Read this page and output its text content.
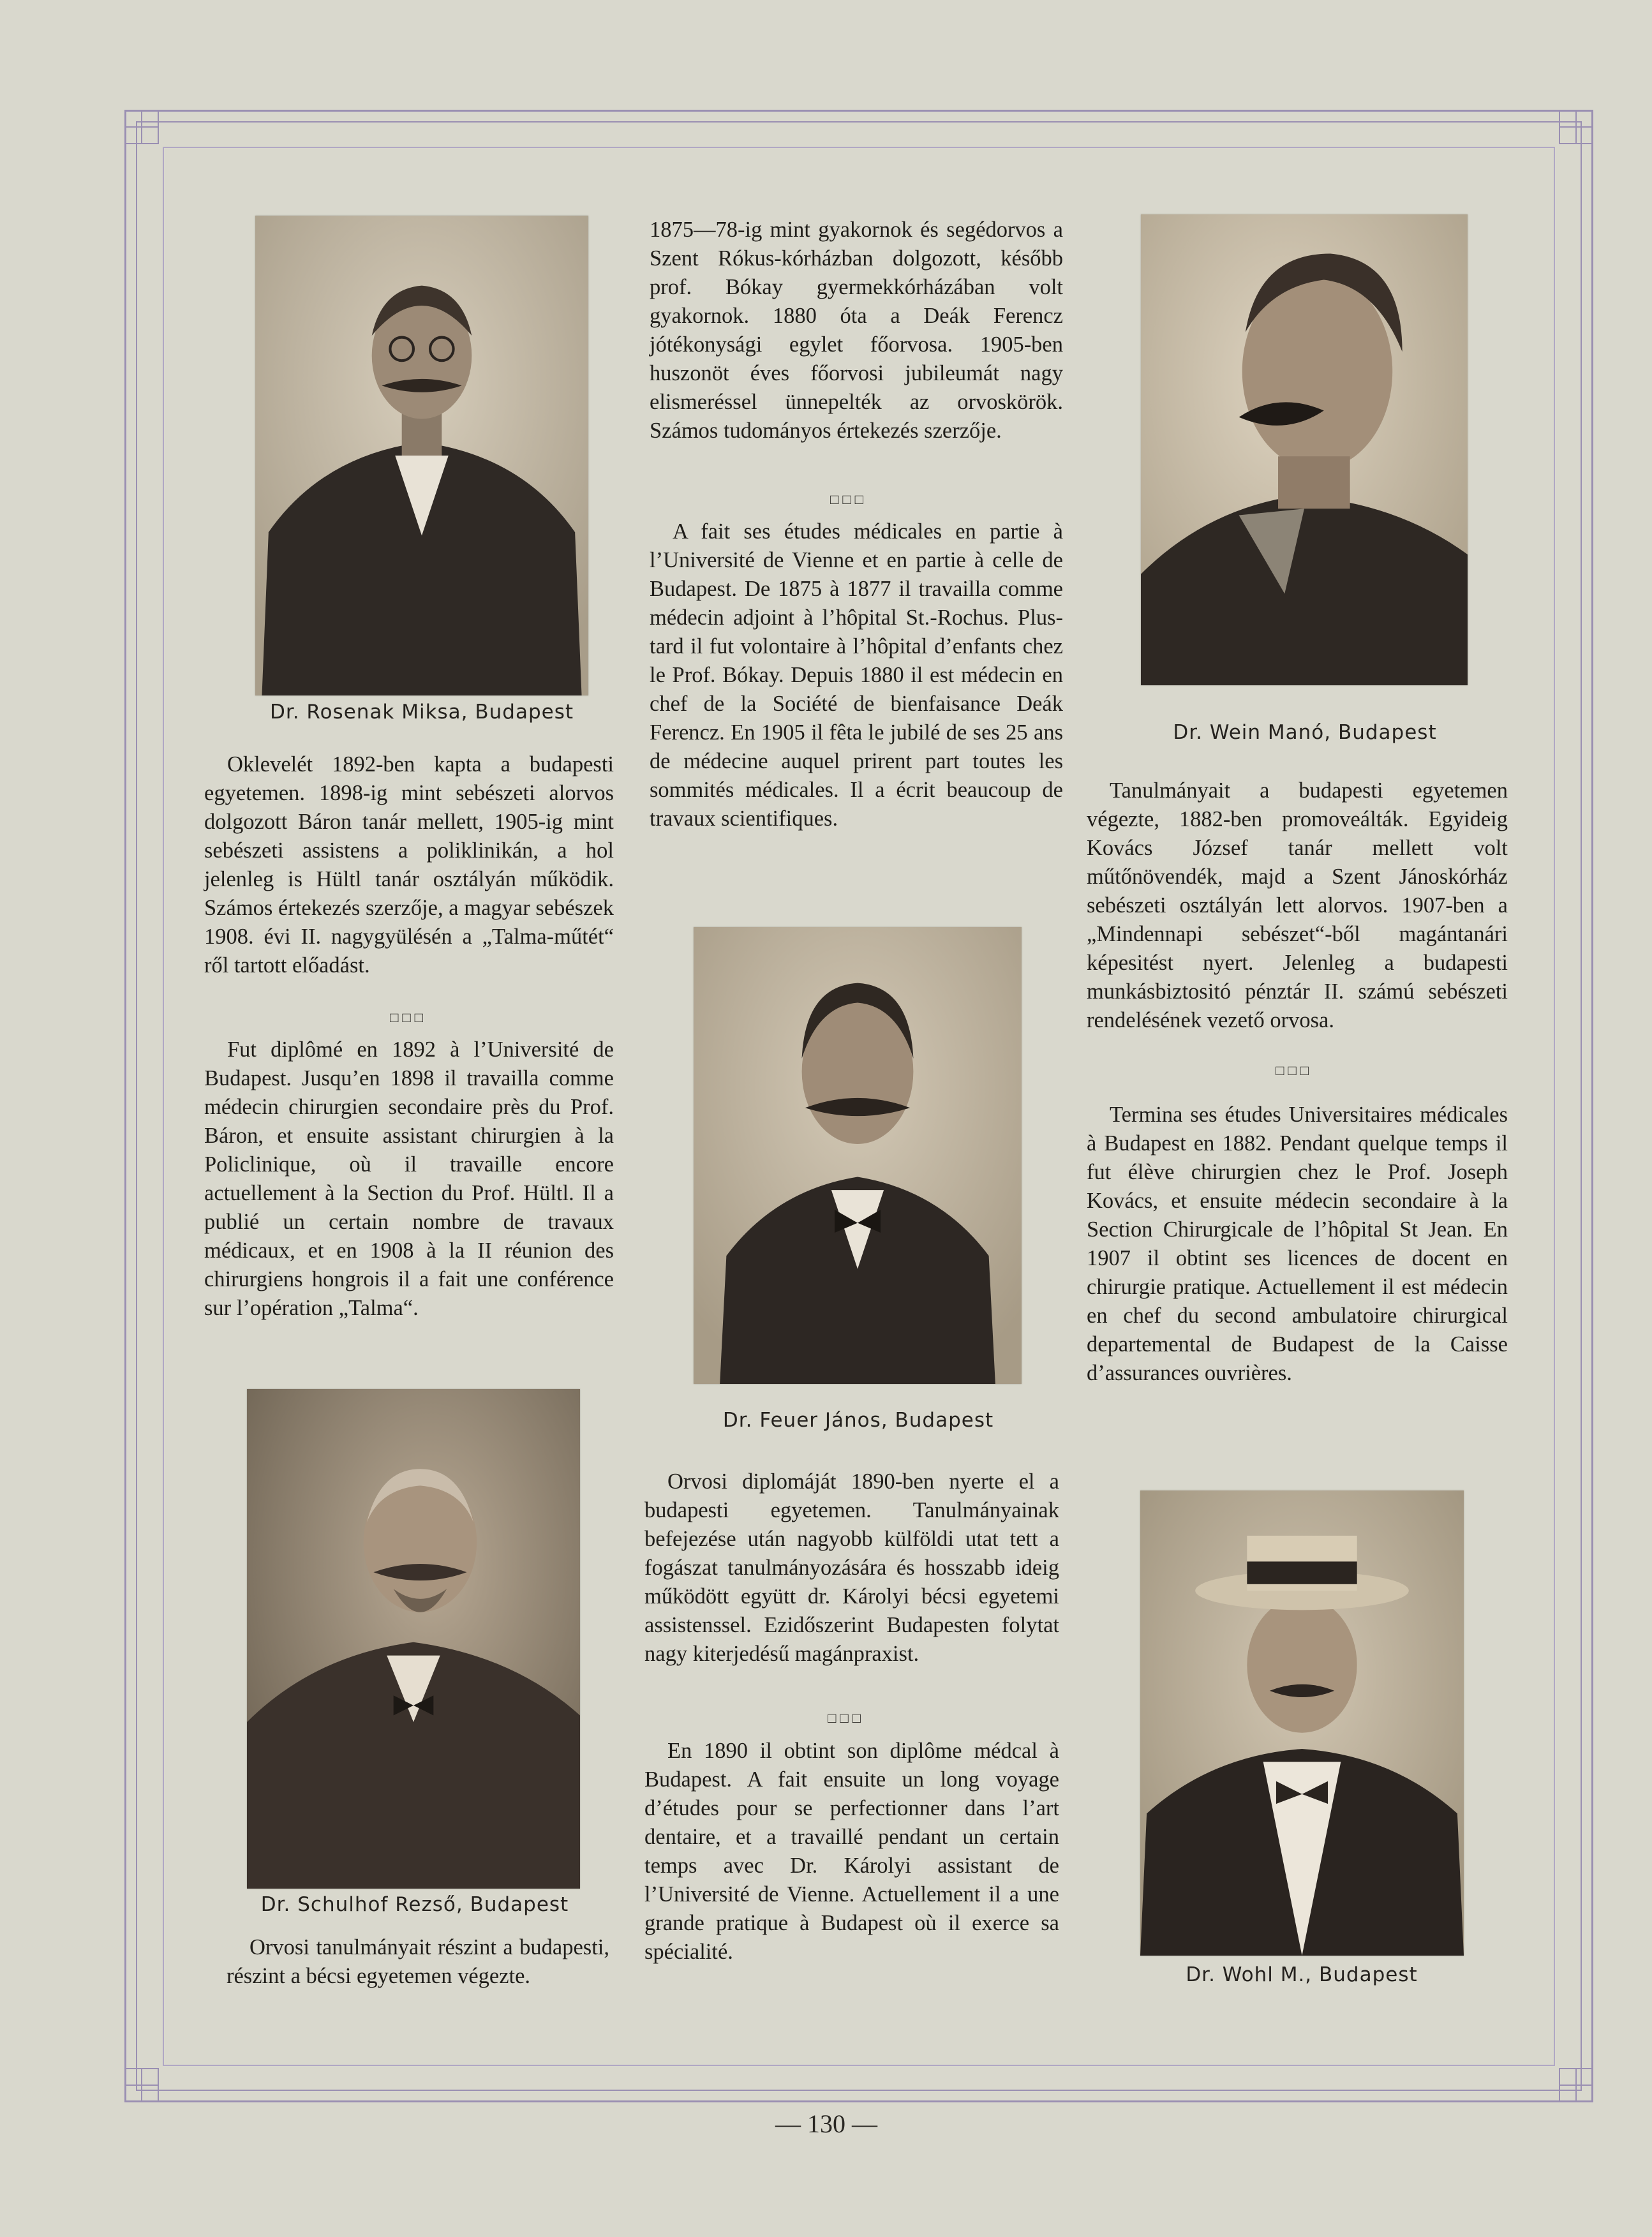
Dr. Rosenak Miksa, Budapest
Oklevelét 1892-ben kapta a budapesti egyetemen. 1898-ig mint sebészeti alorvos dolgozott Báron tanár mellett, 1905-ig mint sebészeti assistens a poliklinikán, a hol jelenleg is Hültl tanár osztályán működik. Számos értekezés szerzője, a magyar sebészek 1908. évi II. nagygyülésén a „Talma-műtét“ ről tartott előadást.
□□□
Fut diplômé en 1892 à l’Université de Budapest. Jusqu’en 1898 il travailla comme médecin chirurgien secondaire près du Prof. Báron, et ensuite assistant chirurgien à la Policlinique, où il travaille encore actuellement à la Section du Prof. Hültl. Il a publié un certain nombre de travaux médicaux, et en 1908 à la II réunion des chirurgiens hongrois il a fait une conférence sur l’opération „Talma“.
Dr. Schulhof Rezső, Budapest
Orvosi tanulmányait részint a budapesti, részint a bécsi egyetemen végezte.
1875—78-ig mint gyakornok és segédorvos a Szent Rókus-kórházban dolgozott, később prof. Bókay gyermekkórházában volt gyakornok. 1880 óta a Deák Ferencz jótékonysági egylet főorvosa. 1905-ben huszonöt éves főorvosi jubileumát nagy elismeréssel ünnepelték az orvoskörök. Számos tudományos értekezés szerzője.
□□□
A fait ses études médicales en partie à l’Université de Vienne et en partie à celle de Budapest. De 1875 à 1877 il travailla comme médecin adjoint à l’hôpital St.-Rochus. Plus-tard il fut volontaire à l’hôpital d’enfants chez le Prof. Bókay. Depuis 1880 il est médecin en chef de la Société de bienfaisance Deák Ferencz. En 1905 il fêta le jubilé de ses 25 ans de médecine auquel prirent part toutes les sommités médicales. Il a écrit beaucoup de travaux scientifiques.
Dr. Feuer János, Budapest
Orvosi diplomáját 1890-ben nyerte el a budapesti egyetemen. Tanulmányainak befejezése után nagyobb külföldi utat tett a fogászat tanulmányozására és hosszabb ideig működött együtt dr. Károlyi bécsi egyetemi assistenssel. Ezidőszerint Budapesten folytat nagy kiterjedésű magánpraxist.
□□□
En 1890 il obtint son diplôme médcal à Budapest. A fait ensuite un long voyage d’études pour se perfectionner dans l’art dentaire, et a travaillé pendant un certain temps avec Dr. Károlyi assistant de l’Université de Vienne. Actuellement il a une grande pratique à Budapest où il exerce sa spécialité.
Dr. Wein Manó, Budapest
Tanulmányait a budapesti egyetemen végezte, 1882-ben promoveálták. Egyideig Kovács József tanár mellett volt műtőnövendék, majd a Szent Jánoskórház sebészeti osztályán lett alorvos. 1907-ben a „Mindennapi sebészet“-ből magántanári képesitést nyert. Jelenleg a budapesti munkásbiztositó pénztár II. számú sebészeti rendelésének vezető orvosa.
□□□
Termina ses études Universitaires médicales à Budapest en 1882. Pendant quelque temps il fut élève chirurgien chez le Prof. Joseph Kovács, et ensuite médecin secondaire à la Section Chirurgicale de l’hôpital St Jean. En 1907 il obtint ses licences de docent en chirurgie pratique. Actuellement il est médecin en chef du second ambulatoire chirurgical departemental de Budapest de la Caisse d’assurances ouvrières.
Dr. Wohl M., Budapest
— 130 —
